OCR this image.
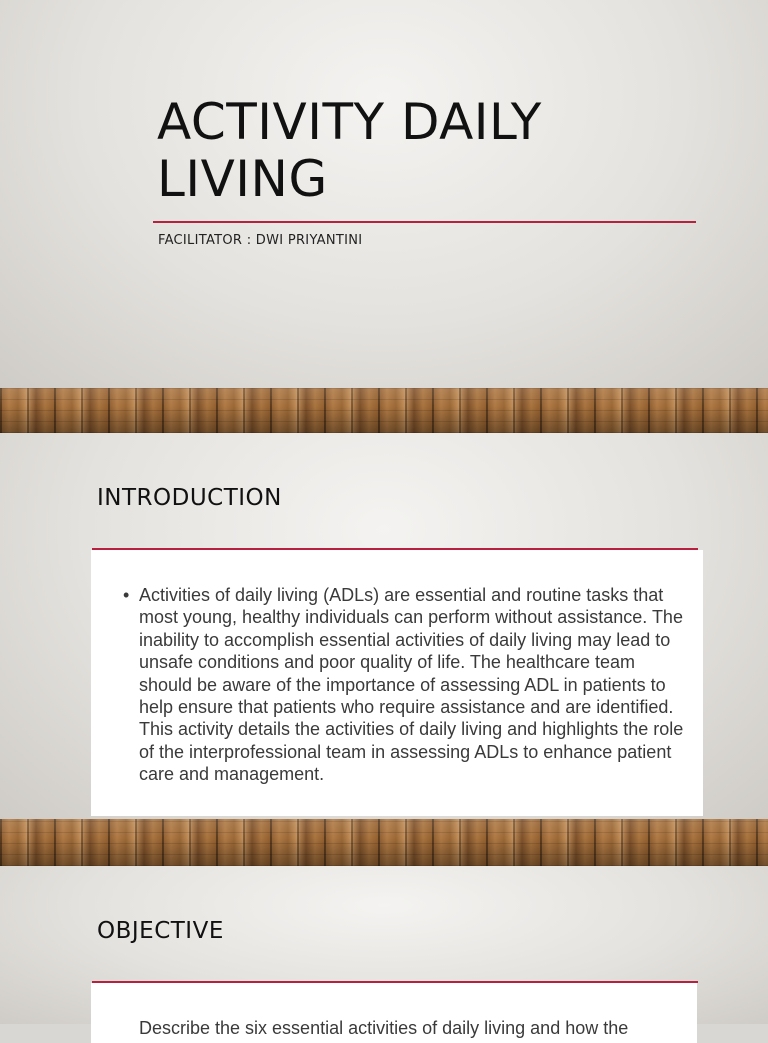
ACTIVITY DAILY
LIVING
FACILITATOR : DWI PRIYANTINI
INTRODUCTION
• Activities of daily living (ADLs) are essential and routine tasks that most young, healthy individuals can perform without assistance. The inability to accomplish essential activities of daily living may lead to unsafe conditions and poor quality of life. The healthcare team should be aware of the importance of assessing ADL in patients to help ensure that patients who require assistance and are identified. This activity details the activities of daily living and highlights the role of the interprofessional team in assessing ADLs to enhance patient care and management.
OBJECTIVE
Describe the six essential activities of daily living and how the
